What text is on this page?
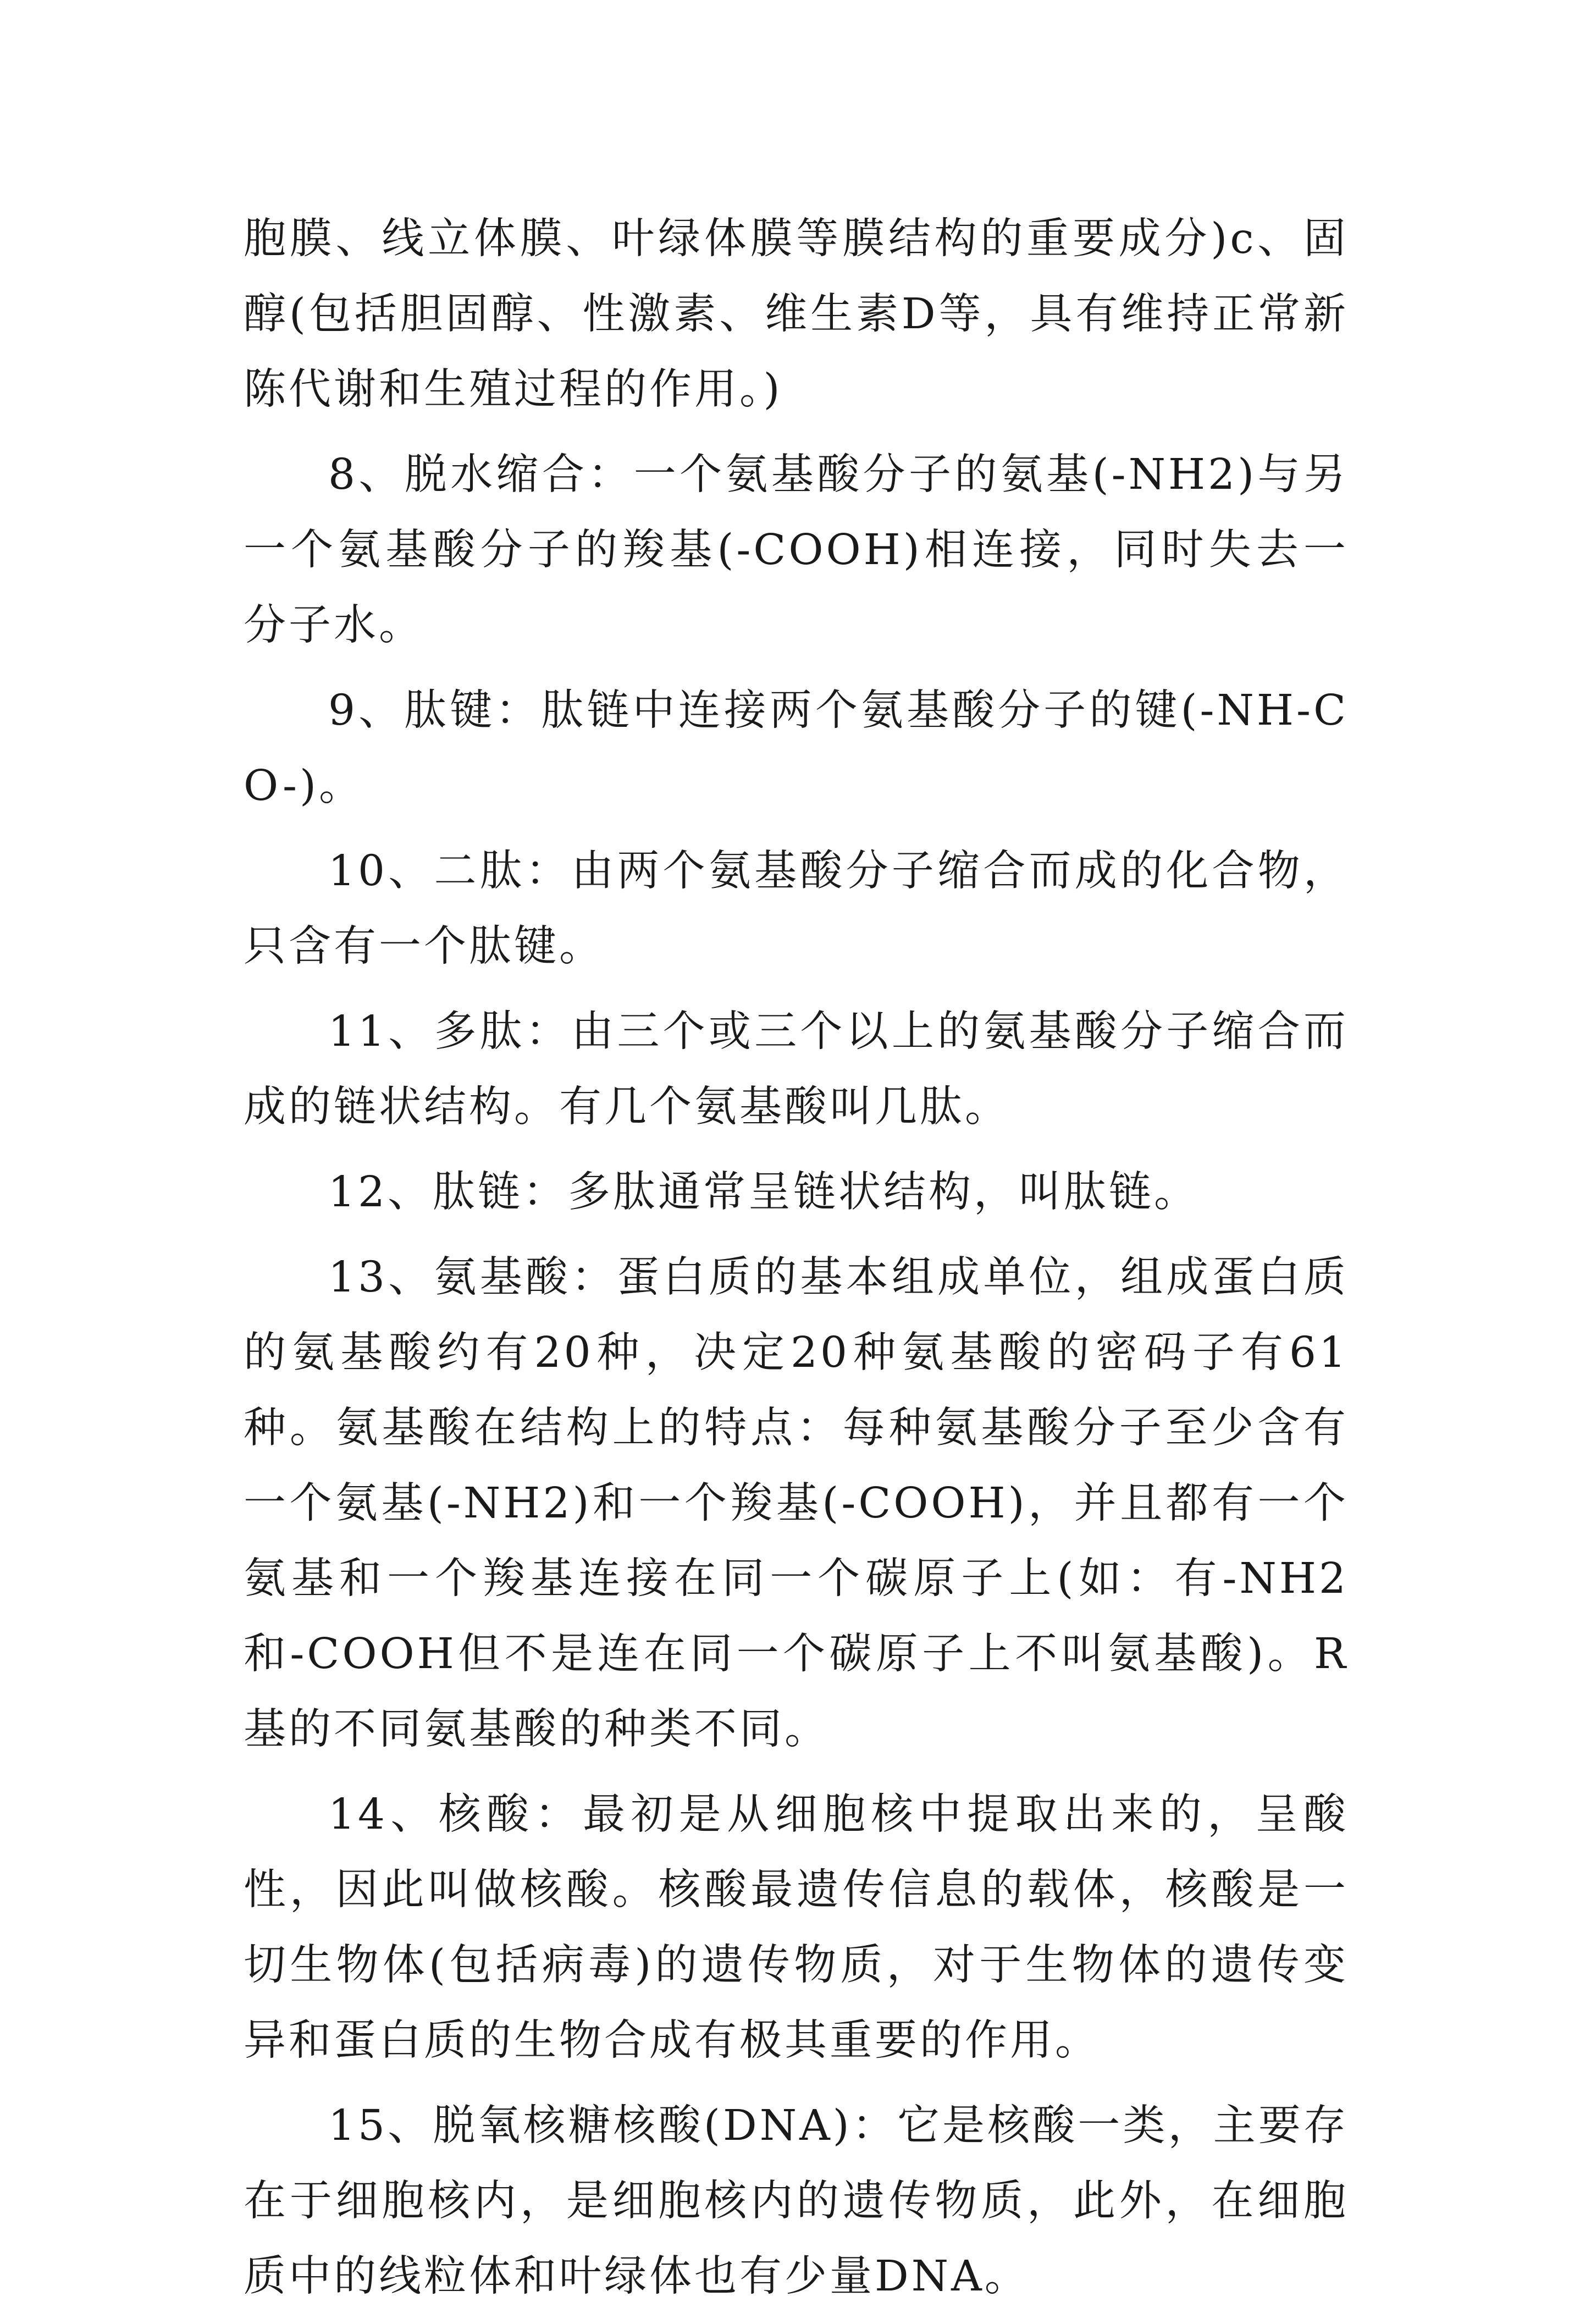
胞膜、线立体膜、叶绿体膜等膜结构的重要成分)c、固醇(包括胆固醇、性激素、维生素D等，具有维持正常新陈代谢和生殖过程的作用。)

8、脱水缩合：一个氨基酸分子的氨基(-NH2)与另一个氨基酸分子的羧基(-COOH)相连接，同时失去一分子水。

9、肽键：肽链中连接两个氨基酸分子的键(-NH-CO-)。

10、二肽：由两个氨基酸分子缩合而成的化合物，只含有一个肽键。

11、多肽：由三个或三个以上的氨基酸分子缩合而成的链状结构。有几个氨基酸叫几肽。

12、肽链：多肽通常呈链状结构，叫肽链。

13、氨基酸：蛋白质的基本组成单位，组成蛋白质的氨基酸约有20种，决定20种氨基酸的密码子有61种。氨基酸在结构上的特点：每种氨基酸分子至少含有一个氨基(-NH2)和一个羧基(-COOH)，并且都有一个氨基和一个羧基连接在同一个碳原子上(如：有-NH2和-COOH但不是连在同一个碳原子上不叫氨基酸)。R基的不同氨基酸的种类不同。

14、核酸：最初是从细胞核中提取出来的，呈酸性，因此叫做核酸。核酸最遗传信息的载体，核酸是一切生物体(包括病毒)的遗传物质，对于生物体的遗传变异和蛋白质的生物合成有极其重要的作用。

15、脱氧核糖核酸(DNA)：它是核酸一类，主要存在于细胞核内，是细胞核内的遗传物质，此外，在细胞质中的线粒体和叶绿体也有少量DNA。
